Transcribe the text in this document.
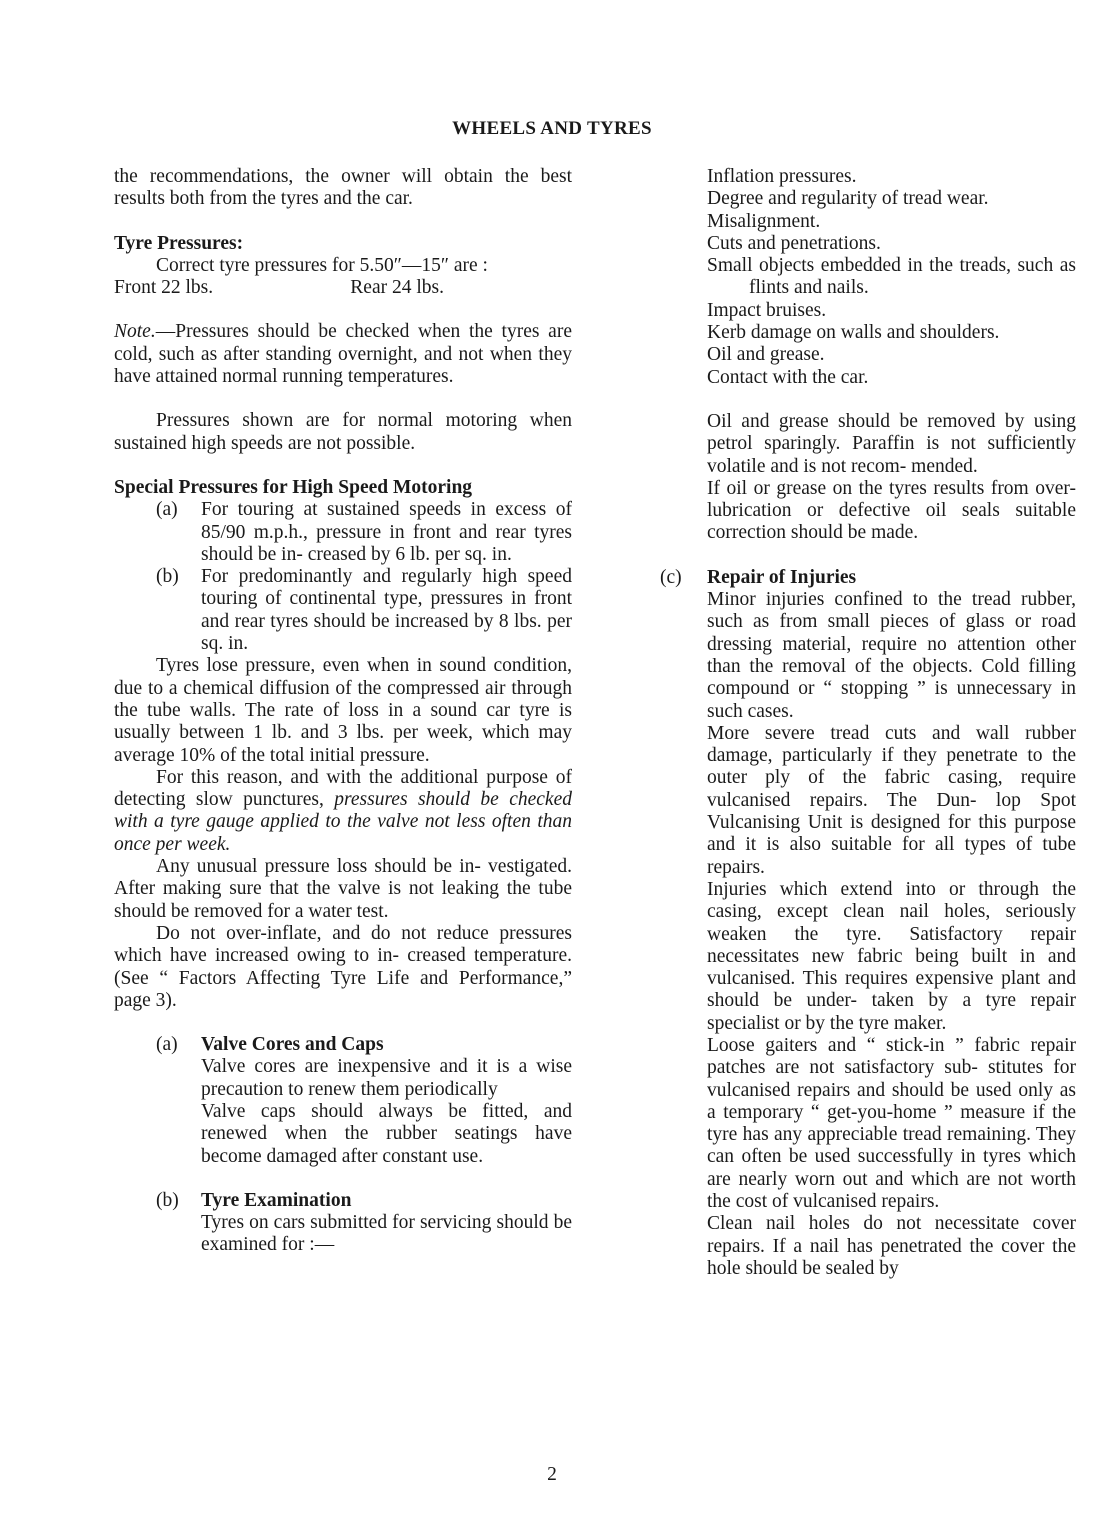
WHEELS AND TYRES

the recommendations, the owner will obtain the best results both from the tyres and the car.

Tyre Pressures:

Correct tyre pressures for 5.50″—15″ are :

Front 22 lbs.	Rear 24 lbs.

Note.—Pressures should be checked when the tyres are cold, such as after standing overnight, and not when they have attained normal running temperatures.

Pressures shown are for normal motoring when sustained high speeds are not possible.

Special Pressures for High Speed Motoring
(a)	For touring at sustained speeds in excess of 85/90 m.p.h., pressure in front and rear tyres should be in- creased by 6 lb. per sq. in.
(b)	For predominantly and regularly high speed touring of continental type, pressures in front and rear tyres should be increased by 8 lbs. per sq. in.

Tyres lose pressure, even when in sound condition, due to a chemical diffusion of the compressed air through the tube walls. The rate of loss in a sound car tyre is usually between 1 lb. and 3 lbs. per week, which may average 10% of the total initial pressure.

For this reason, and with the additional purpose of detecting slow punctures, pressures should be checked with a tyre gauge applied to the valve not less often than once per week.

Any unusual pressure loss should be in- vestigated. After making sure that the valve is not leaking the tube should be removed for a water test.

Do not over-inflate, and do not reduce pressures which have increased owing to in- creased temperature. (See “ Factors Affecting Tyre Life and Performance,” page 3).

(a)	Valve Cores and Caps

Valve cores are inexpensive and it is a wise precaution to renew them periodically

Valve caps should always be fitted, and renewed when the rubber seatings have become damaged after constant use.

(b)	Tyre Examination

Tyres on cars submitted for servicing should be examined for :—

Inflation pressures.

Degree and regularity of tread wear.

Misalignment.

Cuts and penetrations.

Small objects embedded in the treads, such as flints and nails.

Impact bruises.

Kerb damage on walls and shoulders.

Oil and grease.

Contact with the car.

Oil and grease should be removed by using petrol sparingly. Paraffin is not sufficiently volatile and is not recom- mended.

If oil or grease on the tyres results from over-lubrication or defective oil seals suitable correction should be made.

(c)	Repair of Injuries

Minor injuries confined to the tread rubber, such as from small pieces of glass or road dressing material, require no attention other than the removal of the objects. Cold filling compound or “ stopping ” is unnecessary in such cases.

More severe tread cuts and wall rubber damage, particularly if they penetrate to the outer ply of the fabric casing, require vulcanised repairs. The Dun- lop Spot Vulcanising Unit is designed for this purpose and it is also suitable for all types of tube repairs.

Injuries which extend into or through the casing, except clean nail holes, seriously weaken the tyre. Satisfactory repair necessitates new fabric being built in and vulcanised. This requires expensive plant and should be under- taken by a tyre repair specialist or by the tyre maker.

Loose gaiters and “ stick-in ” fabric repair patches are not satisfactory sub- stitutes for vulcanised repairs and should be used only as a temporary “ get-you-home ” measure if the tyre has any appreciable tread remaining. They can often be used successfully in tyres which are nearly worn out and which are not worth the cost of vulcanised repairs.

Clean nail holes do not necessitate cover repairs. If a nail has penetrated the cover the hole should be sealed by

2
